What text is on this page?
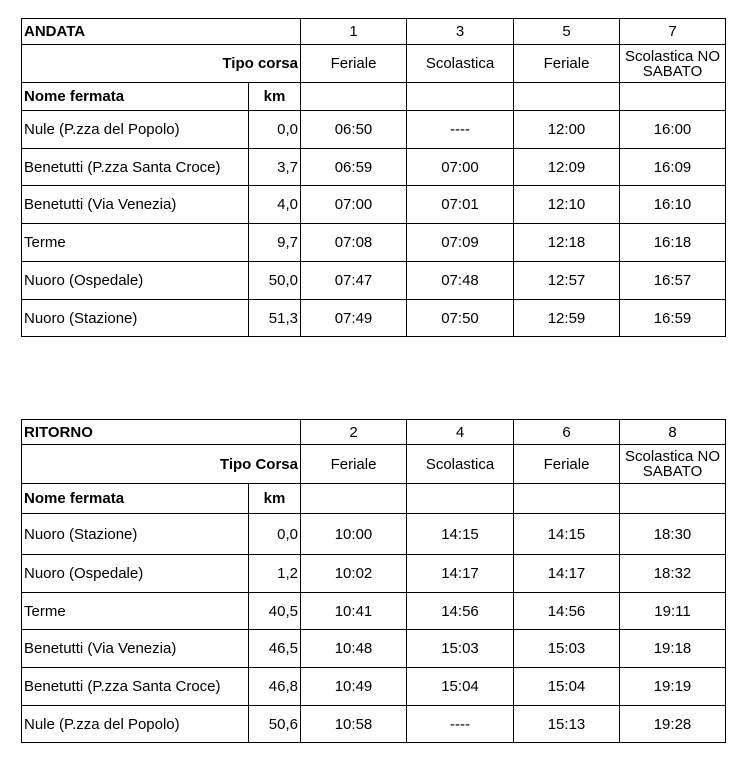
ANDATA		1	3	5	7
Tipo corsa		Feriale	Scolastica	Feriale	Scolastica NO SABATO
Nome fermata	km				
Nule (P.zza del Popolo)	0,0	06:50	----	12:00	16:00
Benetutti (P.zza Santa Croce)	3,7	06:59	07:00	12:09	16:09
Benetutti (Via Venezia)	4,0	07:00	07:01	12:10	16:10
Terme	9,7	07:08	07:09	12:18	16:18
Nuoro (Ospedale)	50,0	07:47	07:48	12:57	16:57
Nuoro (Stazione)	51,3	07:49	07:50	12:59	16:59
RITORNO		2	4	6	8
Tipo Corsa		Feriale	Scolastica	Feriale	Scolastica NO SABATO
Nome fermata	km				
Nuoro (Stazione)	0,0	10:00	14:15	14:15	18:30
Nuoro (Ospedale)	1,2	10:02	14:17	14:17	18:32
Terme	40,5	10:41	14:56	14:56	19:11
Benetutti (Via Venezia)	46,5	10:48	15:03	15:03	19:18
Benetutti (P.zza Santa Croce)	46,8	10:49	15:04	15:04	19:19
Nule (P.zza del Popolo)	50,6	10:58	----	15:13	19:28
